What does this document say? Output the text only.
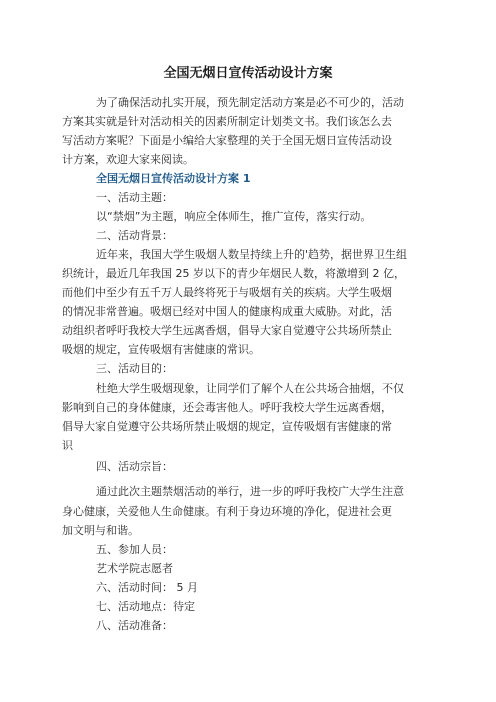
全国无烟日宣传活动设计方案
为了确保活动扎实开展，预先制定活动方案是必不可少的，活动
方案其实就是针对活动相关的因素所制定计划类文书。我们该怎么去
写活动方案呢？下面是小编给大家整理的关于全国无烟日宣传活动设
计方案，欢迎大家来阅读。
全国无烟日宣传活动设计方案 1
一、活动主题：
以“禁烟”为主题，响应全体师生，推广宣传，落实行动。
二、活动背景：
近年来，我国大学生吸烟人数呈持续上升的'趋势，据世界卫生组
织统计，最近几年我国 25 岁以下的青少年烟民人数，将激增到 2 亿，
而他们中至少有五千万人最终将死于与吸烟有关的疾病。大学生吸烟
的情况非常普遍。吸烟已经对中国人的健康构成重大威胁。对此，活
动组织者呼吁我校大学生远离香烟，倡导大家自觉遵守公共场所禁止
吸烟的规定，宣传吸烟有害健康的常识。
三、活动目的：
杜绝大学生吸烟现象，让同学们了解个人在公共场合抽烟，不仅
影响到自己的身体健康，还会毒害他人。呼吁我校大学生远离香烟，
倡导大家自觉遵守公共场所禁止吸烟的规定，宣传吸烟有害健康的常
识
四、活动宗旨：
通过此次主题禁烟活动的举行，进一步的呼吁我校广大学生注意
身心健康，关爱他人生命健康。有利于身边环境的净化，促进社会更
加文明与和谐。
五、参加人员：
艺术学院志愿者
六、活动时间： 5 月
七、活动地点：待定
八、活动准备：
